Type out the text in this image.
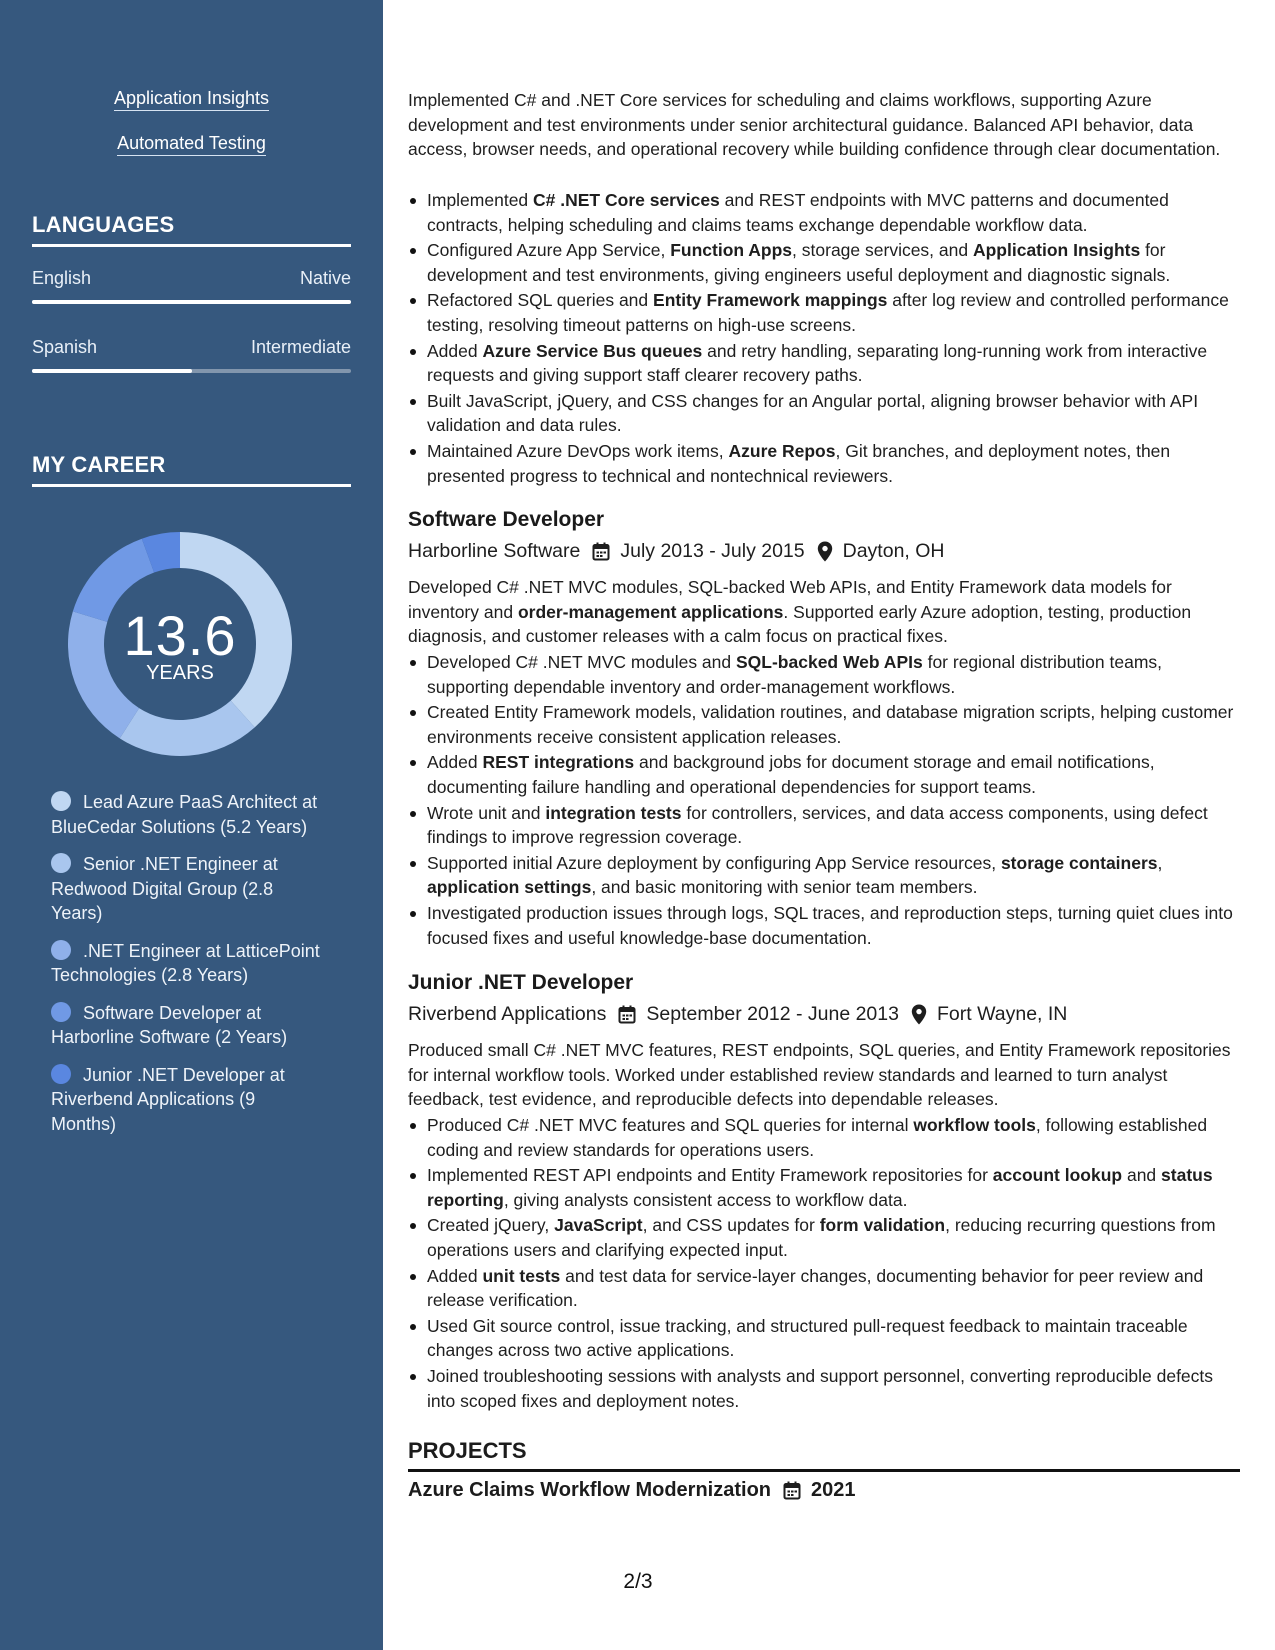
Application Insights
Automated Testing
LANGUAGES
English	Native
Spanish	Intermediate
MY CAREER
13.6
YEARS
Lead Azure PaaS Architect at BlueCedar Solutions (5.2 Years)
Senior .NET Engineer at Redwood Digital Group (2.8 Years)
.NET Engineer at LatticePoint Technologies (2.8 Years)
Software Developer at Harborline Software (2 Years)
Junior .NET Developer at Riverbend Applications (9 Months)

Implemented C# and .NET Core services for scheduling and claims workflows, supporting Azure development and test environments under senior architectural guidance. Balanced API behavior, data access, browser needs, and operational recovery while building confidence through clear documentation.

Implemented C# .NET Core services and REST endpoints with MVC patterns and documented contracts, helping scheduling and claims teams exchange dependable workflow data.
Configured Azure App Service, Function Apps, storage services, and Application Insights for development and test environments, giving engineers useful deployment and diagnostic signals.
Refactored SQL queries and Entity Framework mappings after log review and controlled performance testing, resolving timeout patterns on high-use screens.
Added Azure Service Bus queues and retry handling, separating long-running work from interactive requests and giving support staff clearer recovery paths.
Built JavaScript, jQuery, and CSS changes for an Angular portal, aligning browser behavior with API validation and data rules.
Maintained Azure DevOps work items, Azure Repos, Git branches, and deployment notes, then presented progress to technical and nontechnical reviewers.
Software Developer
Harborline Software July 2013 - July 2015 Dayton, OH

Developed C# .NET MVC modules, SQL-backed Web APIs, and Entity Framework data models for inventory and order-management applications. Supported early Azure adoption, testing, production diagnosis, and customer releases with a calm focus on practical fixes.

Developed C# .NET MVC modules and SQL-backed Web APIs for regional distribution teams, supporting dependable inventory and order-management workflows.
Created Entity Framework models, validation routines, and database migration scripts, helping customer environments receive consistent application releases.
Added REST integrations and background jobs for document storage and email notifications, documenting failure handling and operational dependencies for support teams.
Wrote unit and integration tests for controllers, services, and data access components, using defect findings to improve regression coverage.
Supported initial Azure deployment by configuring App Service resources, storage containers, application settings, and basic monitoring with senior team members.
Investigated production issues through logs, SQL traces, and reproduction steps, turning quiet clues into focused fixes and useful knowledge-base documentation.
Junior .NET Developer
Riverbend Applications September 2012 - June 2013 Fort Wayne, IN

Produced small C# .NET MVC features, REST endpoints, SQL queries, and Entity Framework repositories for internal workflow tools. Worked under established review standards and learned to turn analyst feedback, test evidence, and reproducible defects into dependable releases.

Produced C# .NET MVC features and SQL queries for internal workflow tools, following established coding and review standards for operations users.
Implemented REST API endpoints and Entity Framework repositories for account lookup and status reporting, giving analysts consistent access to workflow data.
Created jQuery, JavaScript, and CSS updates for form validation, reducing recurring questions from operations users and clarifying expected input.
Added unit tests and test data for service-layer changes, documenting behavior for peer review and release verification.
Used Git source control, issue tracking, and structured pull-request feedback to maintain traceable changes across two active applications.
Joined troubleshooting sessions with analysts and support personnel, converting reproducible defects into scoped fixes and deployment notes.
PROJECTS
Azure Claims Workflow Modernization 2021
2/3
